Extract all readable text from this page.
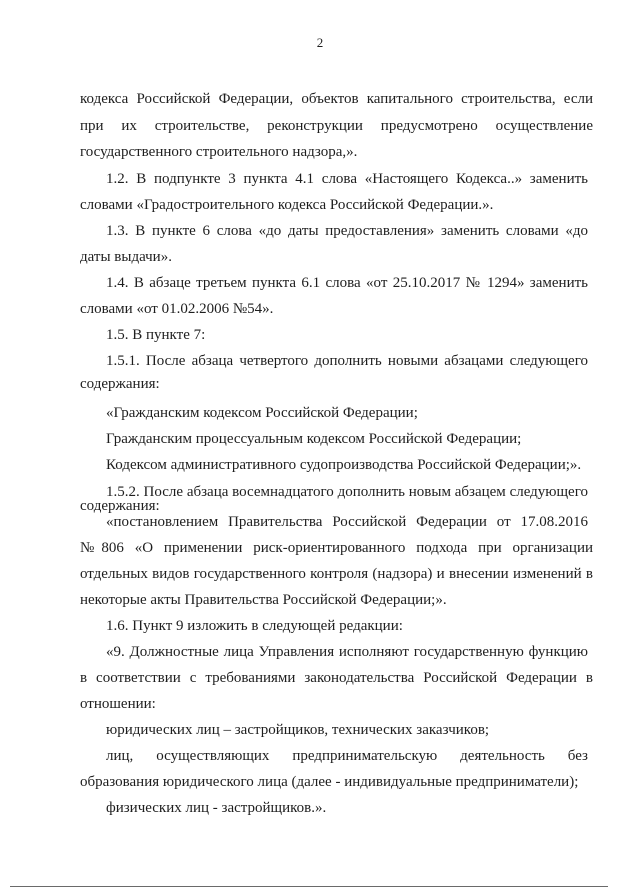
2
кодекса Российской Федерации, объектов капитального строительства, если
при их строительстве, реконструкции предусмотрено осуществление
государственного строительного надзора,».
1.2. В подпункте 3 пункта 4.1 слова «Настоящего Кодекса..» заменить
словами «Градостроительного кодекса Российской Федерации.».
1.3. В пункте 6 слова «до даты предоставления» заменить словами «до
даты выдачи».
1.4. В абзаце третьем пункта 6.1 слова «от 25.10.2017 № 1294» заменить
словами «от 01.02.2006 №54».
1.5. В пункте 7:
1.5.1. После абзаца четвертого дополнить новыми абзацами следующего
содержания:
«Гражданским кодексом Российской Федерации;
Гражданским процессуальным кодексом Российской Федерации;
Кодексом административного судопроизводства Российской Федерации;».
1.5.2. После абзаца восемнадцатого дополнить новым абзацем следующего
содержания:
«постановлением Правительства Российской Федерации от 17.08.2016
№806 «О применении риск-ориентированного подхода при организации
отдельных видов государственного контроля (надзора) и внесении изменений в
некоторые акты Правительства Российской Федерации;».
1.6. Пункт 9 изложить в следующей редакции:
«9. Должностные лица Управления исполняют государственную функцию
в соответствии с требованиями законодательства Российской Федерации в
отношении:
юридических лиц – застройщиков, технических заказчиков;
лиц, осуществляющих предпринимательскую деятельность без
образования юридического лица (далее - индивидуальные предприниматели);
физических лиц - застройщиков.».
